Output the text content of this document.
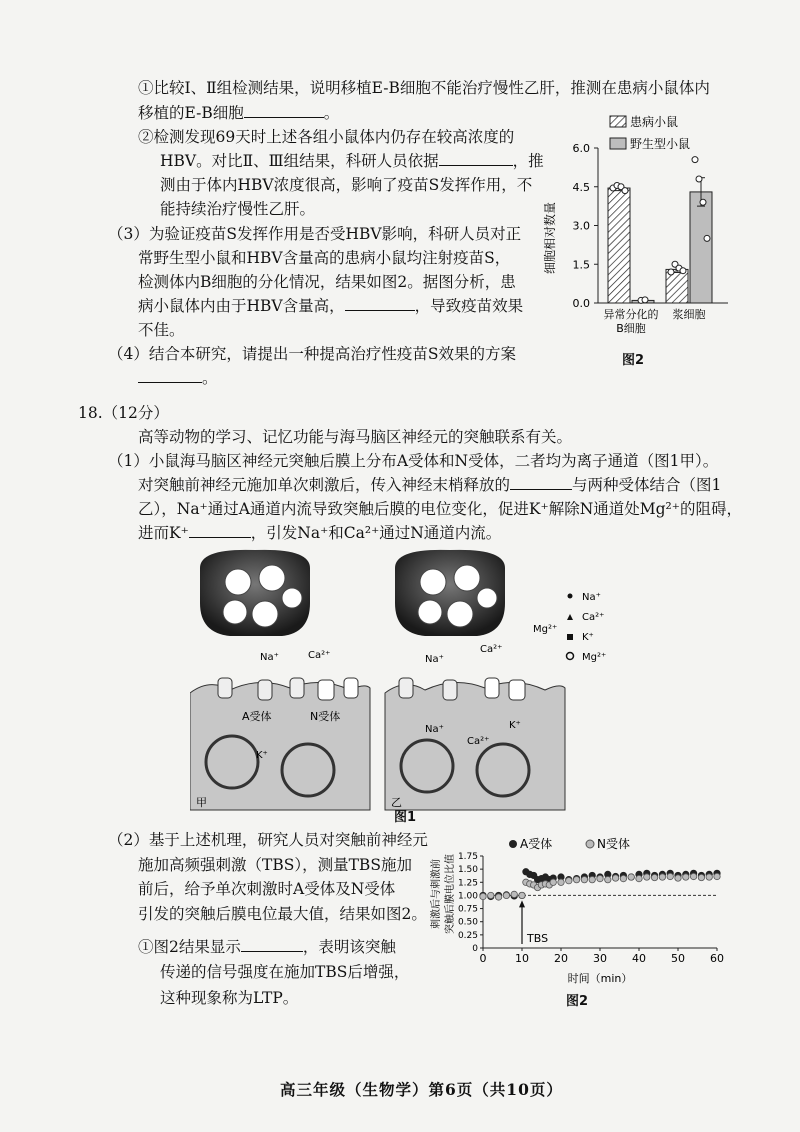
①比较Ⅰ、Ⅱ组检测结果，说明移植E-B细胞不能治疗慢性乙肝，推测在患病小鼠体内
移植的E-B细胞	。
②检测发现69天时上述各组小鼠体内仍存在较高浓度的
HBV。对比Ⅱ、Ⅲ组结果，科研人员依据	，推
测由于体内HBV浓度很高，影响了疫苗S发挥作用，不
能持续治疗慢性乙肝。
（3）为验证疫苗S发挥作用是否受HBV影响，科研人员对正
常野生型小鼠和HBV含量高的患病小鼠均注射疫苗S，
检测体内B细胞的分化情况，结果如图2。据图分析，患
病小鼠体内由于HBV含量高，	，导致疫苗效果
不佳。
（4）结合本研究，请提出一种提高治疗性疫苗S效果的方案
。
患病小鼠
野生型小鼠
细胞相对数量
0.0
1.5
3.0
4.5
6.0
异常分化的
B细胞
浆细胞
图2
18.（12分）
高等动物的学习、记忆功能与海马脑区神经元的突触联系有关。
（1）小鼠海马脑区神经元突触后膜上分布A受体和N受体，二者均为离子通道（图1甲）。
对突触前神经元施加单次刺激后，传入神经末梢释放的	与两种受体结合（图1
乙），Na⁺通过A通道内流导致突触后膜的电位变化，促进K⁺解除N通道处Mg²⁺的阻碍，
进而K⁺	，引发Na⁺和Ca²⁺通过N通道内流。
Na⁺	Ca²⁺
A受体	N受体
K⁺
甲
Na⁺
Ca²⁺
Mg²⁺
Na⁺
Ca²⁺
K⁺
乙
Na⁺
Ca²⁺
K⁺
Mg²⁺
图1
（2）基于上述机理，研究人员对突触前神经元
施加高频强刺激（TBS），测量TBS施加
前后，给予单次刺激时A受体及N受体
引发的突触后膜电位最大值，结果如图2。
①图2结果显示	，表明该突触
传递的信号强度在施加TBS后增强，
这种现象称为LTP。
刺激后与刺激前 突触后膜电位比值
A受体	N受体
0
0.25
0.50
0.75
1.00
1.25
1.50
1.75
0	10 20 30 40 50 60
TBS
时间（min）
图2
高三年级（生物学）第6页（共10页）
